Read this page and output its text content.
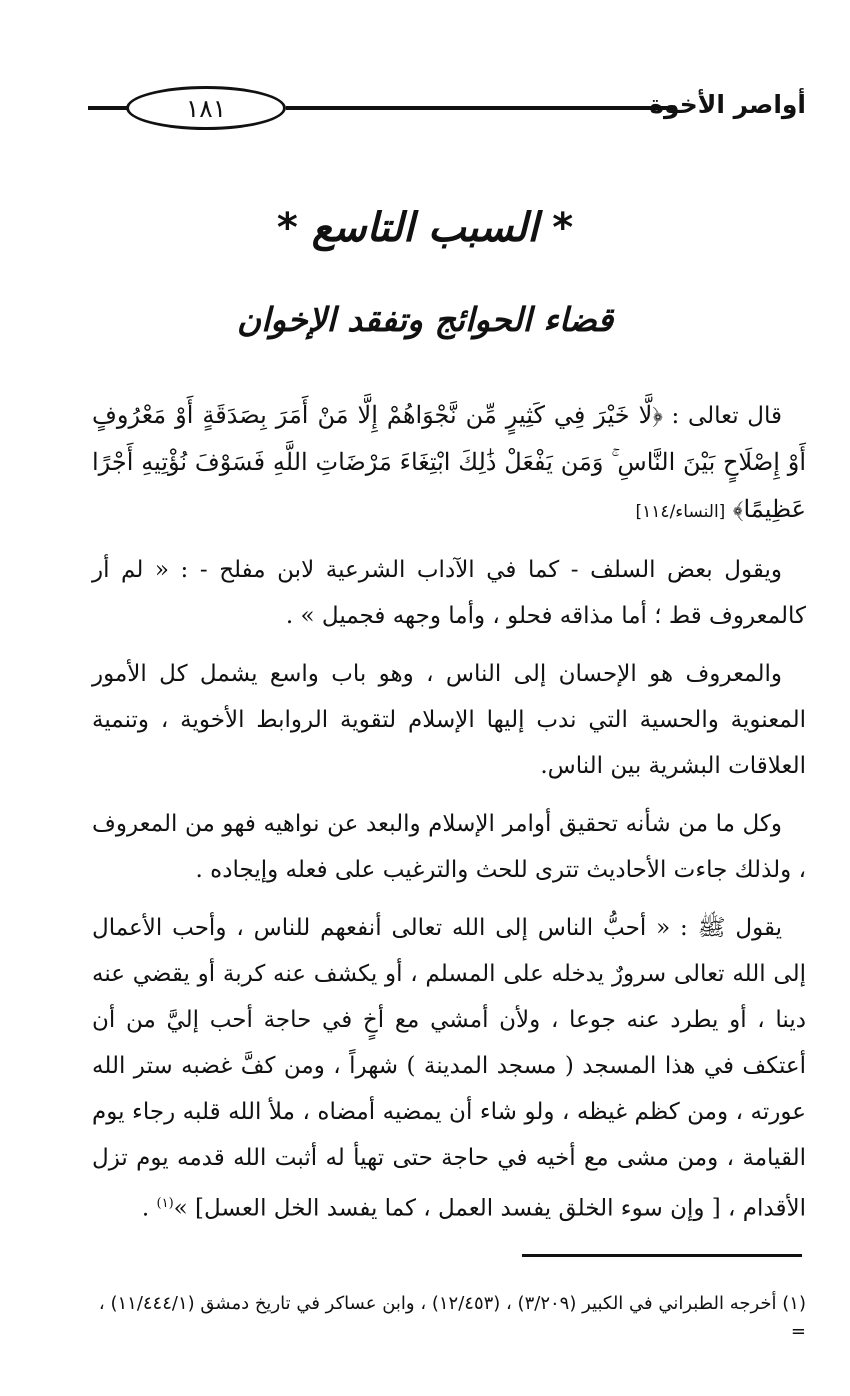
١٨١	أواصر الأخوة
* السبب التاسع *
قضاء الحوائج وتفقد الإخوان

قال تعالى : ﴿لَّا خَيْرَ فِي كَثِيرٍ مِّن نَّجْوَاهُمْ إِلَّا مَنْ أَمَرَ بِصَدَقَةٍ أَوْ مَعْرُوفٍ أَوْ إِصْلَاحٍ بَيْنَ النَّاسِ ۚ وَمَن يَفْعَلْ ذَٰلِكَ ابْتِغَاءَ مَرْضَاتِ اللَّهِ فَسَوْفَ نُؤْتِيهِ أَجْرًا عَظِيمًا﴾ [النساء/١١٤]

ويقول بعض السلف - كما في الآداب الشرعية لابن مفلح - : « لم أر كالمعروف قط ؛ أما مذاقه فحلو ، وأما وجهه فجميل » .

والمعروف هو الإحسان إلى الناس ، وهو باب واسع يشمل كل الأمور المعنوية والحسية التي ندب إليها الإسلام لتقوية الروابط الأخوية ، وتنمية العلاقات البشرية بين الناس.

وكل ما من شأنه تحقيق أوامر الإسلام والبعد عن نواهيه فهو من المعروف ، ولذلك جاءت الأحاديث تترى للحث والترغيب على فعله وإيجاده .

يقول ﷺ : « أحبُّ الناس إلى الله تعالى أنفعهم للناس ، وأحب الأعمال إلى الله تعالى سرورٌ يدخله على المسلم ، أو يكشف عنه كربة أو يقضي عنه دينا ، أو يطرد عنه جوعا ، ولأن أمشي مع أخٍ في حاجة أحب إليَّ من أن أعتكف في هذا المسجد ( مسجد المدينة ) شهراً ، ومن كفَّ غضبه ستر الله عورته ، ومن كظم غيظه ، ولو شاء أن يمضيه أمضاه ، ملأ الله قلبه رجاء يوم القيامة ، ومن مشى مع أخيه في حاجة حتى تهيأ له أثبت الله قدمه يوم تزل الأقدام ، [ وإن سوء الخلق يفسد العمل ، كما يفسد الخل العسل] »$^{(١)}$ .

(١) أخرجه الطبراني في الكبير (٣/٢٠٩) ، (١٢/٤٥٣) ، وابن عساكر في تاريخ دمشق (١١/٤٤٤/١) ، =
